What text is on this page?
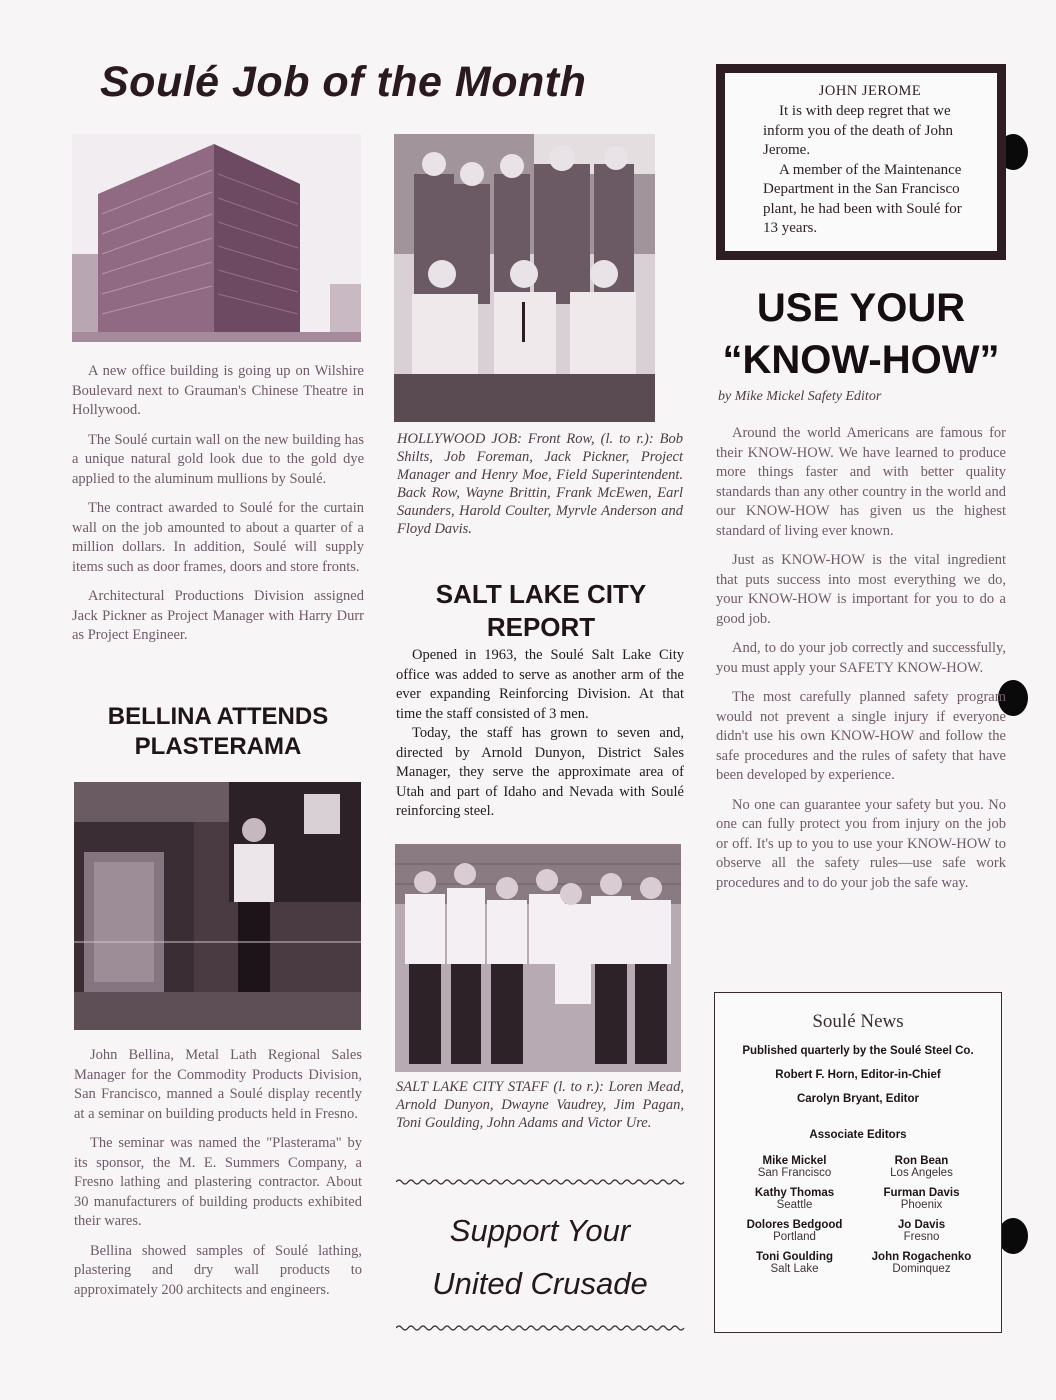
Soulé Job of the Month

A new office building is going up on Wilshire Boulevard next to Grauman's Chinese Theatre in Hollywood.

The Soulé curtain wall on the new building has a unique natural gold look due to the gold dye applied to the aluminum mullions by Soulé.

The contract awarded to Soulé for the curtain wall on the job amounted to about a quarter of a million dollars. In addition, Soulé will supply items such as door frames, doors and store fronts.

Architectural Productions Division assigned Jack Pickner as Project Manager with Harry Durr as Project Engineer.

BELLINA ATTENDS
PLASTERAMA

John Bellina, Metal Lath Regional Sales Manager for the Commodity Products Division, San Francisco, manned a Soulé display recently at a seminar on building products held in Fresno.

The seminar was named the "Plasterama" by its sponsor, the M. E. Summers Company, a Fresno lathing and plastering contractor. About 30 manufacturers of building products exhibited their wares.

Bellina showed samples of Soulé lathing, plastering and dry wall products to approximately 200 architects and engineers.

HOLLYWOOD JOB: Front Row, (l. to r.): Bob Shilts, Job Foreman, Jack Pickner, Project Manager and Henry Moe, Field Superintendent. Back Row, Wayne Brittin, Frank McEwen, Earl Saunders, Harold Coulter, Myrvle Anderson and Floyd Davis.
SALT LAKE CITY
REPORT

Opened in 1963, the Soulé Salt Lake City office was added to serve as another arm of the ever expanding Reinforcing Division. At that time the staff consisted of 3 men.

Today, the staff has grown to seven and, directed by Arnold Dunyon, District Sales Manager, they serve the approximate area of Utah and part of Idaho and Nevada with Soulé reinforcing steel.

SALT LAKE CITY STAFF (l. to r.): Loren Mead, Arnold Dunyon, Dwayne Vaudrey, Jim Pagan, Toni Goulding, John Adams and Victor Ure.
Support Your
United Crusade
JOHN JEROME

It is with deep regret that we inform you of the death of John Jerome.

A member of the Maintenance Department in the San Francisco plant, he had been with Soulé for 13 years.

USE YOUR
“KNOW-HOW”
by Mike Mickel Safety Editor

Around the world Americans are famous for their KNOW-HOW. We have learned to produce more things faster and with better quality standards than any other country in the world and our KNOW-HOW has given us the highest standard of living ever known.

Just as KNOW-HOW is the vital ingredient that puts success into most everything we do, your KNOW-HOW is important for you to do a good job.

And, to do your job correctly and successfully, you must apply your SAFETY KNOW-HOW.

The most carefully planned safety program would not prevent a single injury if everyone didn't use his own KNOW-HOW and follow the safe procedures and the rules of safety that have been developed by experience.

No one can guarantee your safety but you. No one can fully protect you from injury on the job or off. It's up to you to use your KNOW-HOW to observe all the safety rules—use safe work procedures and to do your job the safe way.

Soulé News
Published quarterly by the Soulé Steel Co.
Robert F. Horn, Editor-in-Chief
Carolyn Bryant, Editor
Associate Editors
Mike Mickel
San Francisco
Ron Bean
Los Angeles
Kathy Thomas
Seattle
Furman Davis
Phoenix
Dolores Bedgood
Portland
Jo Davis
Fresno
Toni Goulding
Salt Lake
John Rogachenko
Dominquez
